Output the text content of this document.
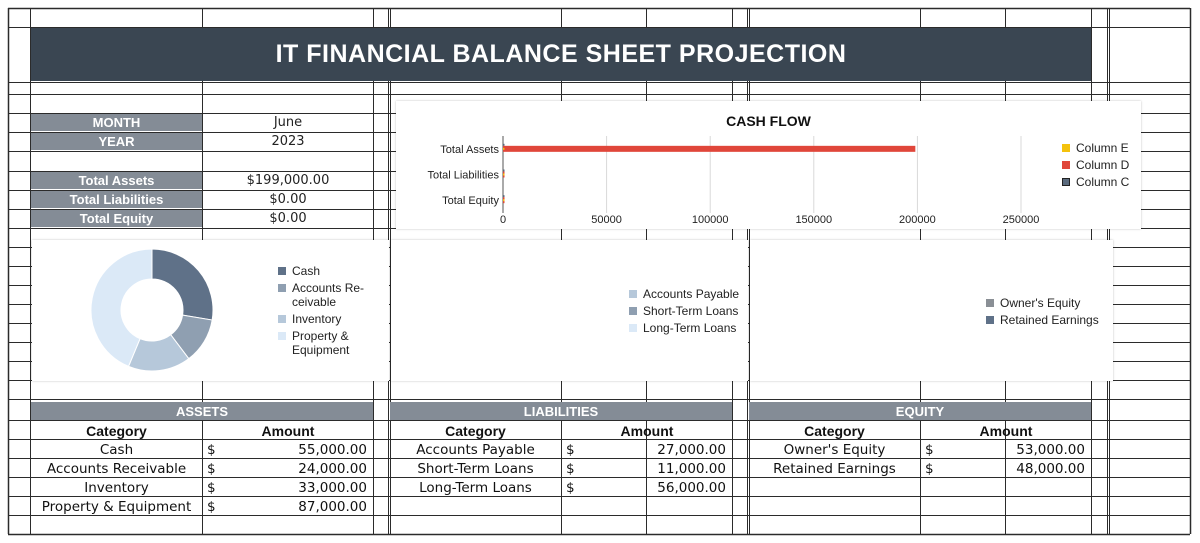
IT FINANCIAL BALANCE SHEET PROJECTION
MONTH	June
YEAR	2023
Total Assets	$199,000.00
Total Liabilities	$0.00
Total Equity	$0.00
CASH FLOW
0	50000	100000	150000	200000	250000
Total Assets
Total Liabilities
Total Equity
Column E
Column D
Column C
Cash
Accounts Re- ceivable
Inventory
Property & Equipment
Accounts Payable
Short-Term Loans
Long-Term Loans
Owner's Equity
Retained Earnings
ASSETS
Category	Amount
Cash	$	55,000.00
Accounts Receivable	$	24,000.00
Inventory	$	33,000.00
Property & Equipment	$	87,000.00
LIABILITIES
Category	Amount
Accounts Payable	$	27,000.00
Short-Term Loans	$	11,000.00
Long-Term Loans	$	56,000.00
EQUITY
Category	Amount
Owner's Equity	$	53,000.00
Retained Earnings	$	48,000.00
